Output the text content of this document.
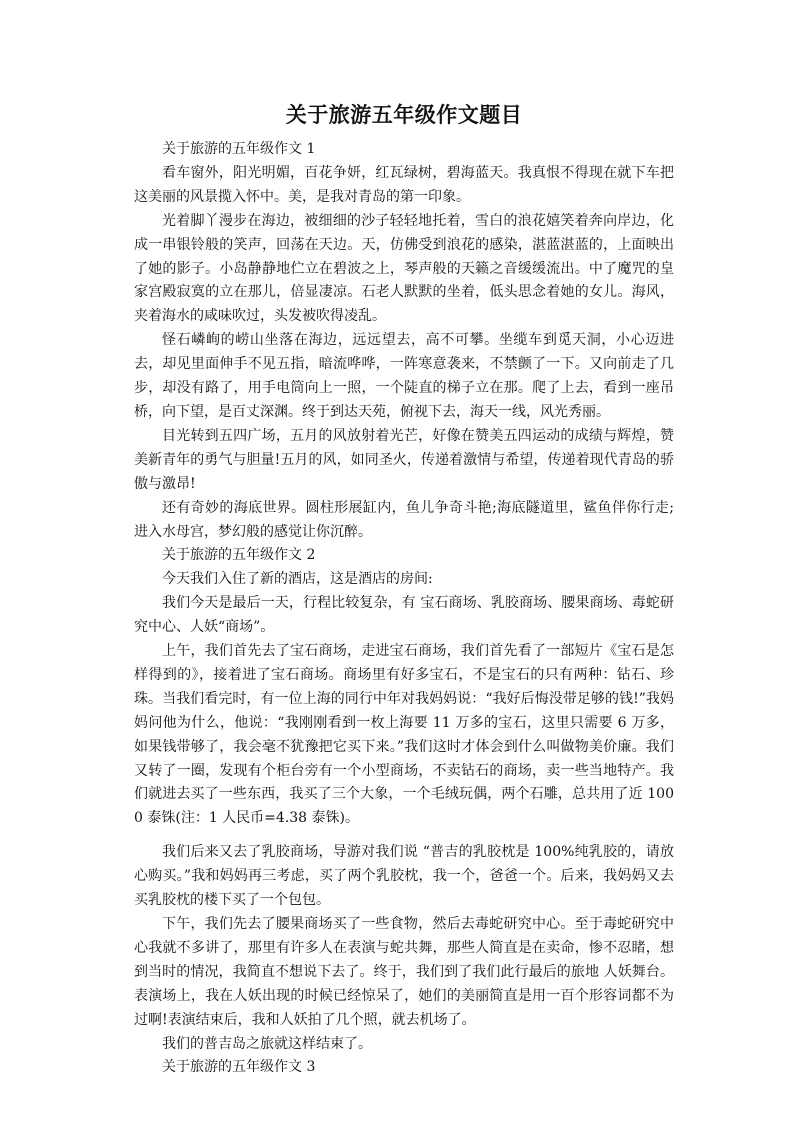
关于旅游五年级作文题目

关于旅游的五年级作文 1

看车窗外，阳光明媚，百花争妍，红瓦绿树，碧海蓝天。我真恨不得现在就下车把这美丽的风景揽入怀中。美，是我对青岛的第一印象。

光着脚丫漫步在海边，被细细的沙子轻轻地托着，雪白的浪花嬉笑着奔向岸边，化成一串银铃般的笑声，回荡在天边。天，仿佛受到浪花的感染，湛蓝湛蓝的，上面映出了她的影子。小岛静静地伫立在碧波之上，琴声般的天籁之音缓缓流出。中了魔咒的皇家宫殿寂寞的立在那儿，倍显凄凉。石老人默默的坐着，低头思念着她的女儿。海风，夹着海水的咸味吹过，头发被吹得凌乱。

怪石嶙峋的崂山坐落在海边，远远望去，高不可攀。坐缆车到觅天洞，小心迈进去，却见里面伸手不见五指，暗流哗哗，一阵寒意袭来，不禁颤了一下。又向前走了几步，却没有路了，用手电筒向上一照，一个陡直的梯子立在那。爬了上去，看到一座吊桥，向下望，是百丈深渊。终于到达天苑，俯视下去，海天一线，风光秀丽。

目光转到五四广场，五月的风放射着光芒，好像在赞美五四运动的成绩与辉煌，赞美新青年的勇气与胆量!五月的风，如同圣火，传递着激情与希望，传递着现代青岛的骄傲与激昂!

还有奇妙的海底世界。圆柱形展缸内，鱼儿争奇斗艳;海底隧道里，鲨鱼伴你行走;进入水母宫，梦幻般的感觉让你沉醉。

关于旅游的五年级作文 2

今天我们入住了新的酒店，这是酒店的房间:

我们今天是最后一天，行程比较复杂，有 宝石商场、乳胶商场、腰果商场、毒蛇研究中心、人妖“商场”。

上午，我们首先去了宝石商场，走进宝石商场，我们首先看了一部短片《宝石是怎样得到的》，接着进了宝石商场。商场里有好多宝石，不是宝石的只有两种：钻石、珍珠。当我们看完时，有一位上海的同行中年对我妈妈说：“我好后悔没带足够的钱!”我妈妈问他为什么，他说：“我刚刚看到一枚上海要 11 万多的宝石，这里只需要 6 万多，如果钱带够了，我会毫不犹豫把它买下来。”我们这时才体会到什么叫做物美价廉。我们又转了一圈，发现有个柜台旁有一个小型商场，不卖钻石的商场，卖一些当地特产。我们就进去买了一些东西，我买了三个大象，一个毛绒玩偶，两个石雕，总共用了近 1000 泰铢(注：1 人民币=4.38 泰铢)。

我们后来又去了乳胶商场，导游对我们说 “普吉的乳胶枕是 100%纯乳胶的，请放心购买。”我和妈妈再三考虑，买了两个乳胶枕，我一个，爸爸一个。后来，我妈妈又去买乳胶枕的楼下买了一个包包。

下午，我们先去了腰果商场买了一些食物，然后去毒蛇研究中心。至于毒蛇研究中心我就不多讲了，那里有许多人在表演与蛇共舞，那些人简直是在卖命，惨不忍睹，想到当时的情况，我简直不想说下去了。终于，我们到了我们此行最后的旅地 人妖舞台。表演场上，我在人妖出现的时候已经惊呆了，她们的美丽简直是用一百个形容词都不为过啊!表演结束后，我和人妖拍了几个照，就去机场了。

我们的普吉岛之旅就这样结束了。

关于旅游的五年级作文 3
